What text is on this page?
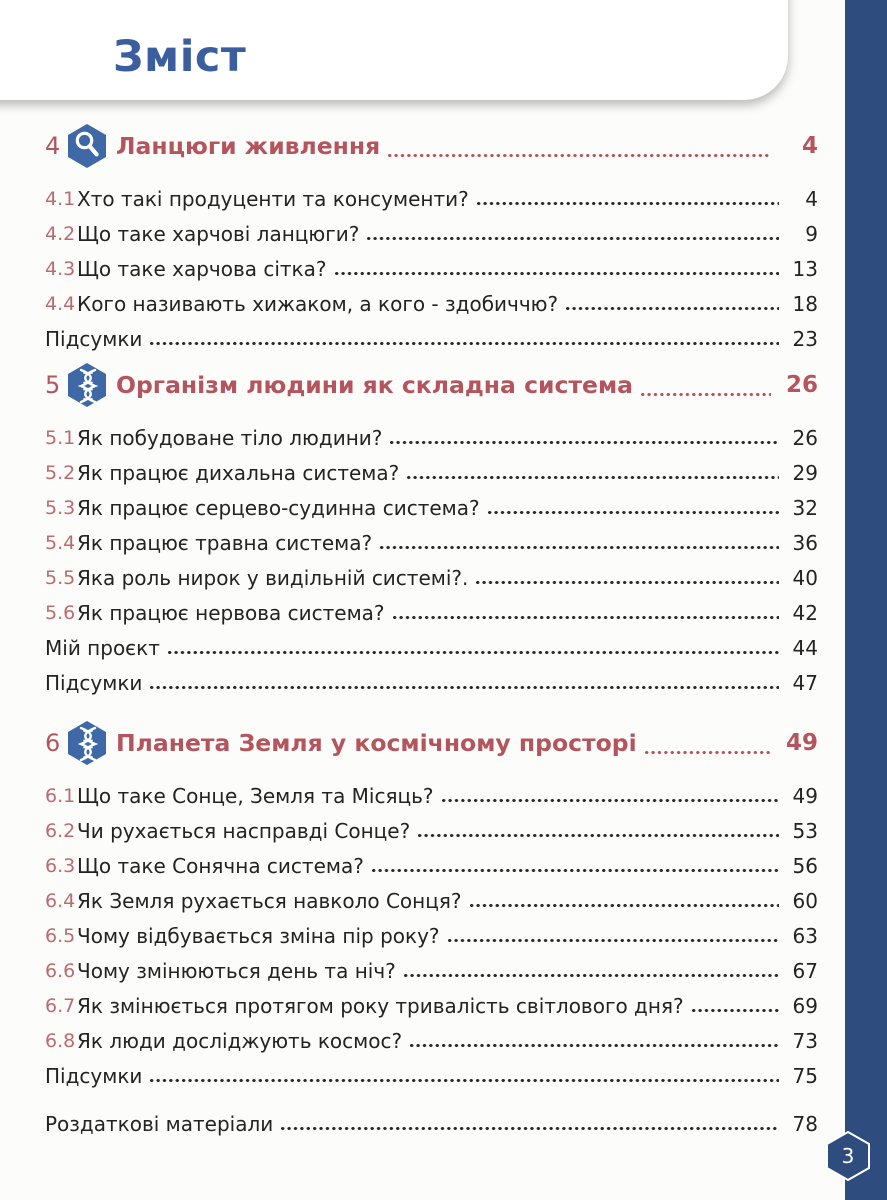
Зміст
4 Ланцюги живлення	4
4.1 Хто такі продуценти та консументи?	4
4.2 Що таке харчові ланцюги?	9
4.3 Що таке харчова сітка?	13
4.4 Кого називають хижаком, а кого - здобиччю?	18
Підсумки	23
5 Організм людини як складна система	26
5.1 Як побудоване тіло людини?	26
5.2 Як працює дихальна система?	29
5.3 Як працює серцево-судинна система?	32
5.4 Як працює травна система?	36
5.5 Яка роль нирок у видільній системі?.	40
5.6 Як працює нервова система?	42
Мій проєкт	44
Підсумки	47
6 Планета Земля у космічному просторі	49
6.1 Що таке Сонце, Земля та Місяць?	49
6.2 Чи рухається насправді Сонце?	53
6.3 Що таке Сонячна система?	56
6.4 Як Земля рухається навколо Сонця?	60
6.5 Чому відбувається зміна пір року?	63
6.6 Чому змінюються день та ніч?	67
6.7 Як змінюється протягом року тривалість світлового дня?	69
6.8 Як люди досліджують космос?	73
Підсумки	75
Роздаткові матеріали	78
3
